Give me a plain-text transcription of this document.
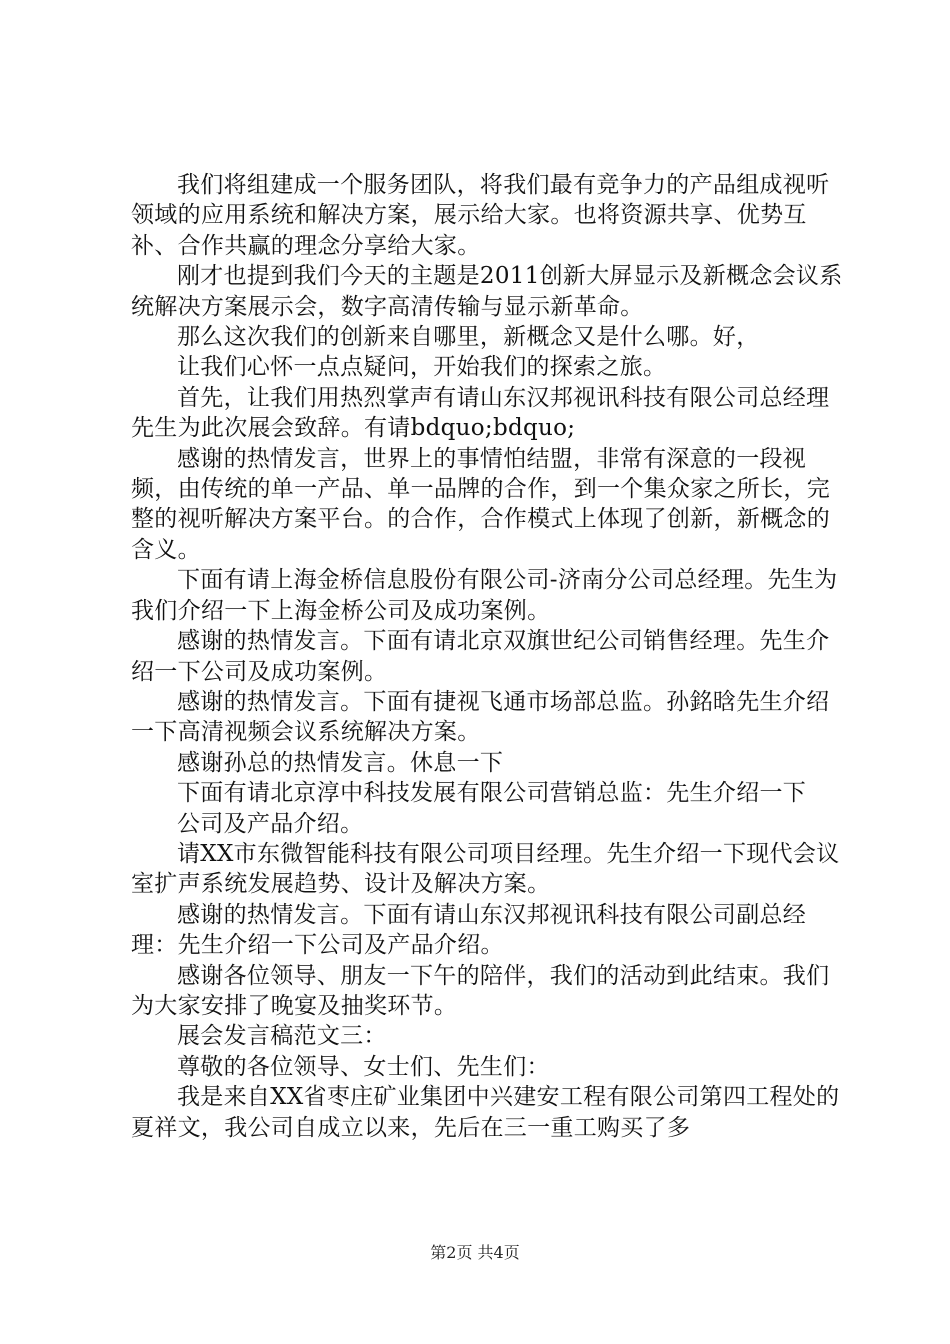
我们将组建成一个服务团队，将我们最有竞争力的产品组成视听领域的应用系统和解决方案，展示给大家。也将资源共享、优势互补、合作共赢的理念分享给大家。

刚才也提到我们今天的主题是2011创新大屏显示及新概念会议系统解决方案展示会，数字高清传输与显示新革命。

那么这次我们的创新来自哪里，新概念又是什么哪。好，

让我们心怀一点点疑问，开始我们的探索之旅。

首先，让我们用热烈掌声有请山东汉邦视讯科技有限公司总经理先生为此次展会致辞。有请bdquo;bdquo;

感谢的热情发言，世界上的事情怕结盟，非常有深意的一段视频，由传统的单一产品、单一品牌的合作，到一个集众家之所长，完整的视听解决方案平台。的合作，合作模式上体现了创新，新概念的含义。

下面有请上海金桥信息股份有限公司-济南分公司总经理。先生为我们介绍一下上海金桥公司及成功案例。

感谢的热情发言。下面有请北京双旗世纪公司销售经理。先生介绍一下公司及成功案例。

感谢的热情发言。下面有捷视飞通市场部总监。孙銘晗先生介绍一下高清视频会议系统解决方案。

感谢孙总的热情发言。休息一下

下面有请北京淳中科技发展有限公司营销总监：先生介绍一下

公司及产品介绍。

请XX市东微智能科技有限公司项目经理。先生介绍一下现代会议室扩声系统发展趋势、设计及解决方案。

感谢的热情发言。下面有请山东汉邦视讯科技有限公司副总经理：先生介绍一下公司及产品介绍。

感谢各位领导、朋友一下午的陪伴，我们的活动到此结束。我们为大家安排了晚宴及抽奖环节。

展会发言稿范文三：

尊敬的各位领导、女士们、先生们：

我是来自XX省枣庄矿业集团中兴建安工程有限公司第四工程处的夏祥文，我公司自成立以来，先后在三一重工购买了多

第2页 共4页
